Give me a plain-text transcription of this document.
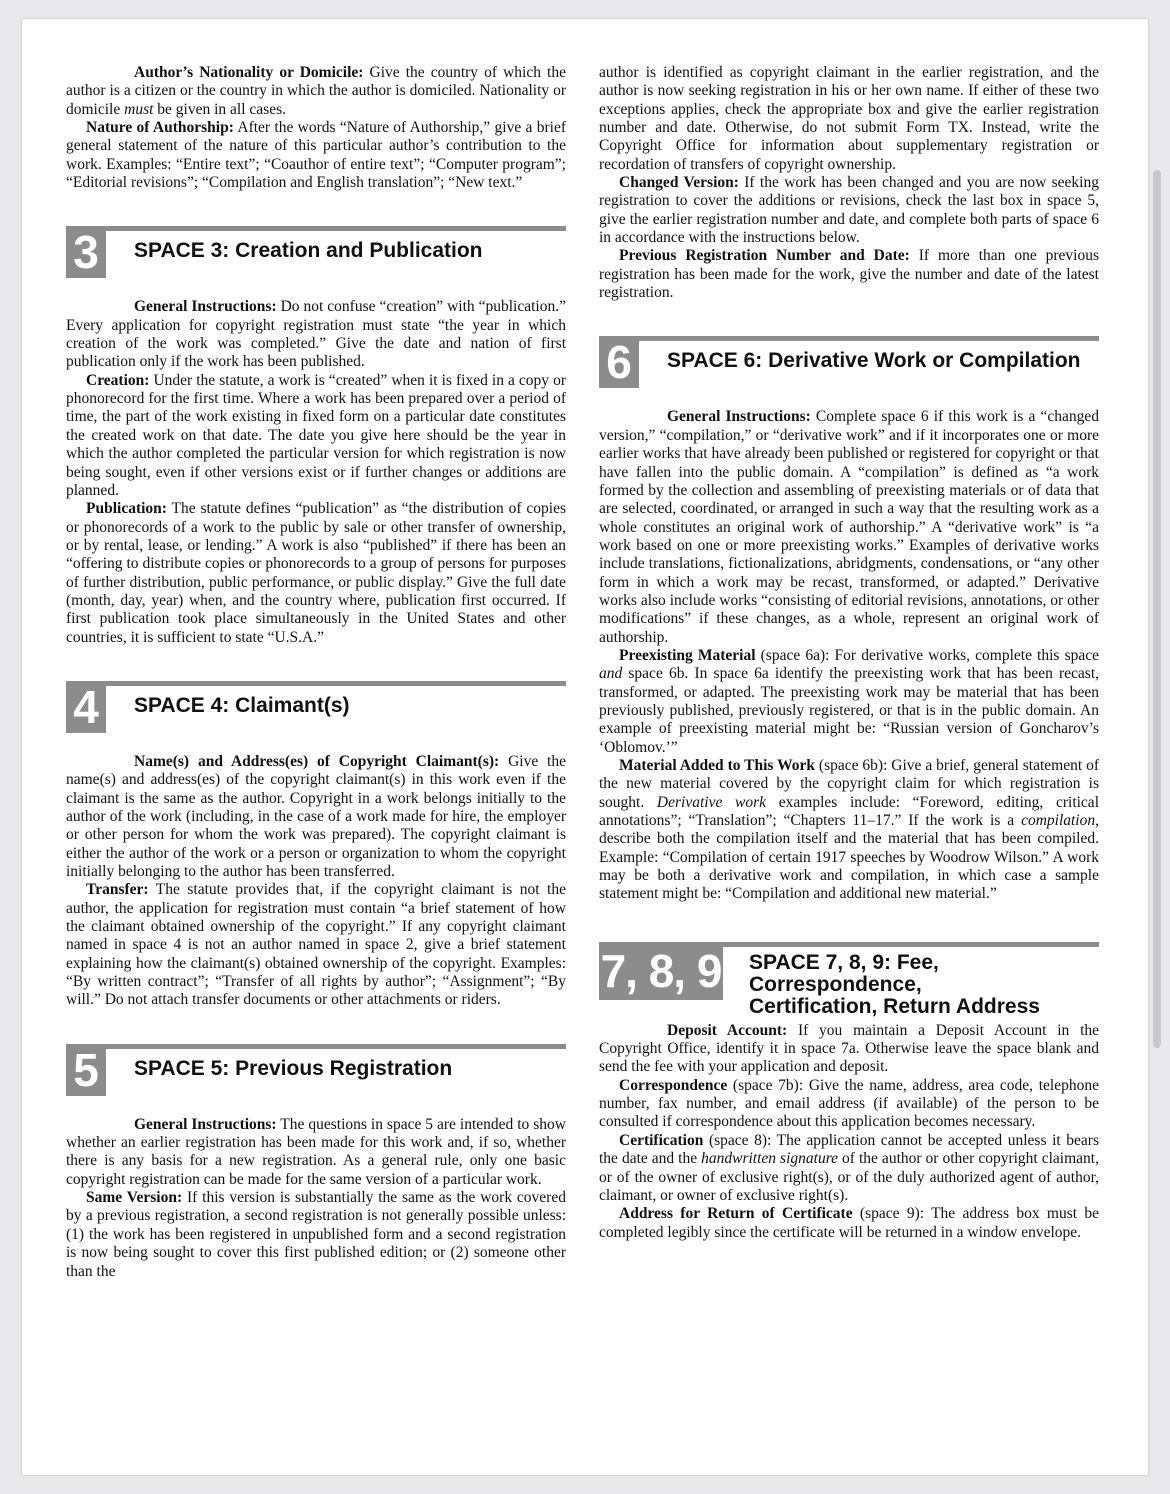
Author’s Nationality or Domicile: Give the country of which the author is a citizen or the country in which the author is domiciled. Nationality or domicile must be given in all cases.

Nature of Authorship: After the words “Nature of Authorship,” give a brief general statement of the nature of this particular author’s contribution to the work. Examples: “Entire text”; “Coauthor of entire text”; “Computer program”; “Editorial revisions”; “Compilation and English translation”; “New text.”

3	SPACE 3: Creation and Publication

General Instructions: Do not confuse “creation” with “publication.” Every application for copyright registration must state “the year in which creation of the work was completed.” Give the date and nation of first publication only if the work has been published.

Creation: Under the statute, a work is “created” when it is fixed in a copy or phonorecord for the first time. Where a work has been prepared over a period of time, the part of the work existing in fixed form on a particular date constitutes the created work on that date. The date you give here should be the year in which the author completed the particular version for which registration is now being sought, even if other versions exist or if further changes or additions are planned.

Publication: The statute defines “publication” as “the distribution of copies or phonorecords of a work to the public by sale or other transfer of ownership, or by rental, lease, or lending.” A work is also “published” if there has been an “offering to distribute copies or phonorecords to a group of persons for purposes of further distribution, public performance, or public display.” Give the full date (month, day, year) when, and the country where, publication first occurred. If first publication took place simultaneously in the United States and other countries, it is sufficient to state “U.S.A.”

4	SPACE 4: Claimant(s)

Name(s) and Address(es) of Copyright Claimant(s): Give the name(s) and address(es) of the copyright claimant(s) in this work even if the claimant is the same as the author. Copyright in a work belongs initially to the author of the work (including, in the case of a work made for hire, the employer or other person for whom the work was prepared). The copyright claimant is either the author of the work or a person or organization to whom the copyright initially belonging to the author has been transferred.

Transfer: The statute provides that, if the copyright claimant is not the author, the application for registration must contain “a brief statement of how the claimant obtained ownership of the copyright.” If any copyright claimant named in space 4 is not an author named in space 2, give a brief statement explaining how the claimant(s) obtained ownership of the copyright. Examples: “By written contract”; “Transfer of all rights by author”; “Assignment”; “By will.” Do not attach transfer documents or other attachments or riders.

5	SPACE 5: Previous Registration

General Instructions: The questions in space 5 are intended to show whether an earlier registration has been made for this work and, if so, whether there is any basis for a new registration. As a general rule, only one basic copyright registration can be made for the same version of a particular work.

Same Version: If this version is substantially the same as the work covered by a previous registration, a second registration is not generally possible unless: (1) the work has been registered in unpublished form and a second registration is now being sought to cover this first published edition; or (2) someone other than the

author is identified as copyright claimant in the earlier registration, and the author is now seeking registration in his or her own name. If either of these two exceptions applies, check the appropriate box and give the earlier registration number and date. Otherwise, do not submit Form TX. Instead, write the Copyright Office for information about supplementary registration or recordation of transfers of copyright ownership.

Changed Version: If the work has been changed and you are now seeking registration to cover the additions or revisions, check the last box in space 5, give the earlier registration number and date, and complete both parts of space 6 in accordance with the instructions below.

Previous Registration Number and Date: If more than one previous registration has been made for the work, give the number and date of the latest registration.

6	SPACE 6: Derivative Work or Compilation

General Instructions: Complete space 6 if this work is a “changed version,” “compilation,” or “derivative work” and if it incorporates one or more earlier works that have already been published or registered for copyright or that have fallen into the public domain. A “compilation” is defined as “a work formed by the collection and assembling of preexisting materials or of data that are selected, coordinated, or arranged in such a way that the resulting work as a whole constitutes an original work of authorship.” A “derivative work” is “a work based on one or more preexisting works.” Examples of derivative works include translations, fictionalizations, abridgments, condensations, or “any other form in which a work may be recast, transformed, or adapted.” Derivative works also include works “consisting of editorial revisions, annotations, or other modifications” if these changes, as a whole, represent an original work of authorship.

Preexisting Material (space 6a): For derivative works, complete this space and space 6b. In space 6a identify the preexisting work that has been recast, transformed, or adapted. The preexisting work may be material that has been previously published, previously registered, or that is in the public domain. An example of preexisting material might be: “Russian version of Goncharov’s ‘Oblomov.’”

Material Added to This Work (space 6b): Give a brief, general statement of the new material covered by the copyright claim for which registration is sought. Derivative work examples include: “Foreword, editing, critical annotations”; “Translation”; “Chapters 11–17.” If the work is a compilation, describe both the compilation itself and the material that has been compiled. Example: “Compilation of certain 1917 speeches by Woodrow Wilson.” A work may be both a derivative work and compilation, in which case a sample statement might be: “Compilation and additional new material.”

7, 8, 9 SPACE 7, 8, 9: Fee, Correspondence,
Certification, Return Address

Deposit Account: If you maintain a Deposit Account in the Copyright Office, identify it in space 7a. Otherwise leave the space blank and send the fee with your application and deposit.

Correspondence (space 7b): Give the name, address, area code, telephone number, fax number, and email address (if available) of the person to be consulted if correspondence about this application becomes necessary.

Certification (space 8): The application cannot be accepted unless it bears the date and the handwritten signature of the author or other copyright claimant, or of the owner of exclusive right(s), or of the duly authorized agent of author, claimant, or owner of exclusive right(s).

Address for Return of Certificate (space 9): The address box must be completed legibly since the certificate will be returned in a window envelope.
